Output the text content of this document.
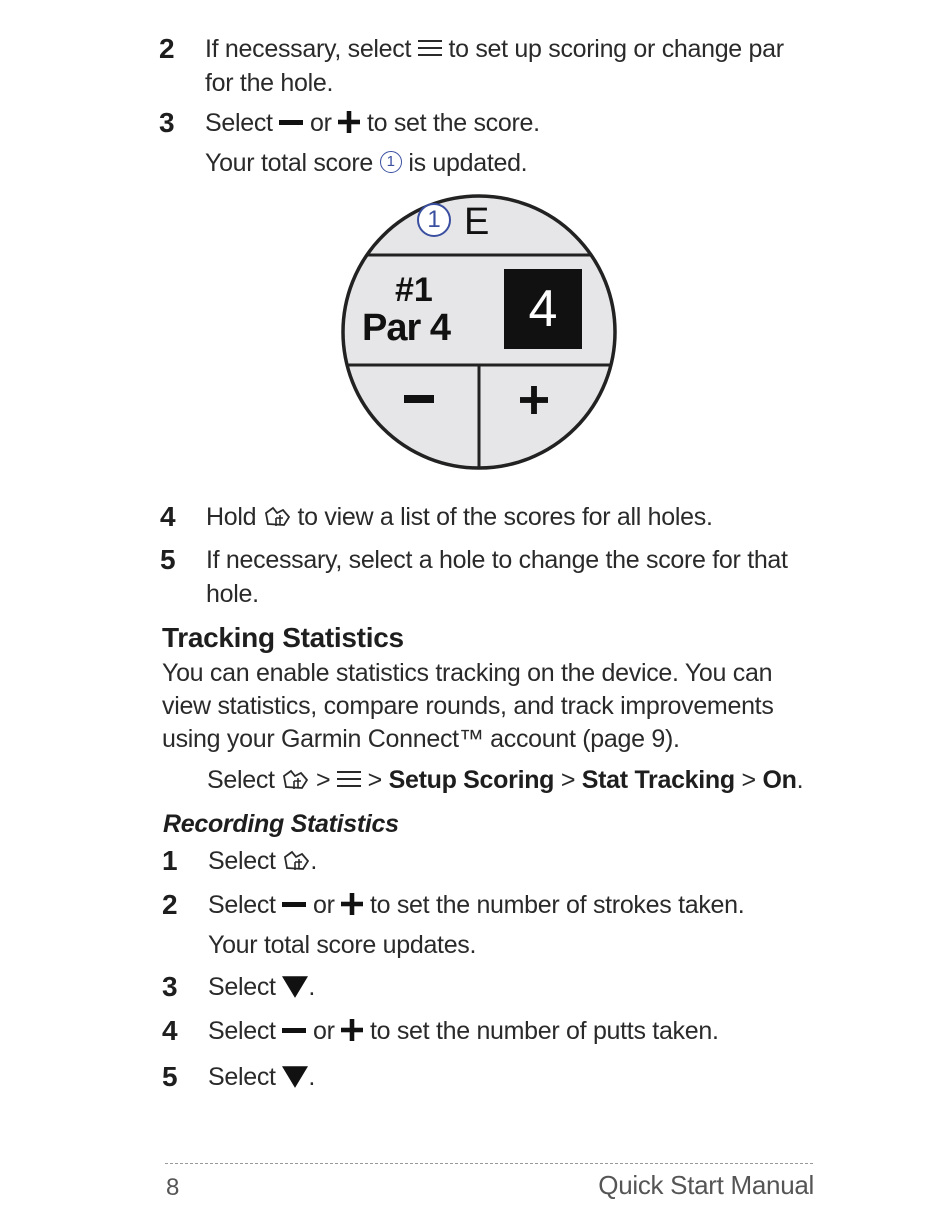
2 If necessary, select to set up scoring or change par
for the hole.
3 Select or to set the score.
Your total score 1 is updated.
1 E
#1
Par 4	4
4 Hold to view a list of the scores for all holes.
5 If necessary, select a hole to change the score for that
hole.
Tracking Statistics
You can enable statistics tracking on the device. You can
view statistics, compare rounds, and track improvements
using your Garmin Connect™ account (page 9).
Select > > Setup Scoring > Stat Tracking > On.
Recording Statistics
1 Select .
2 Select or to set the number of strokes taken.
Your total score updates.
3 Select .
4 Select or to set the number of putts taken.
5 Select .
8	Quick Start Manual
